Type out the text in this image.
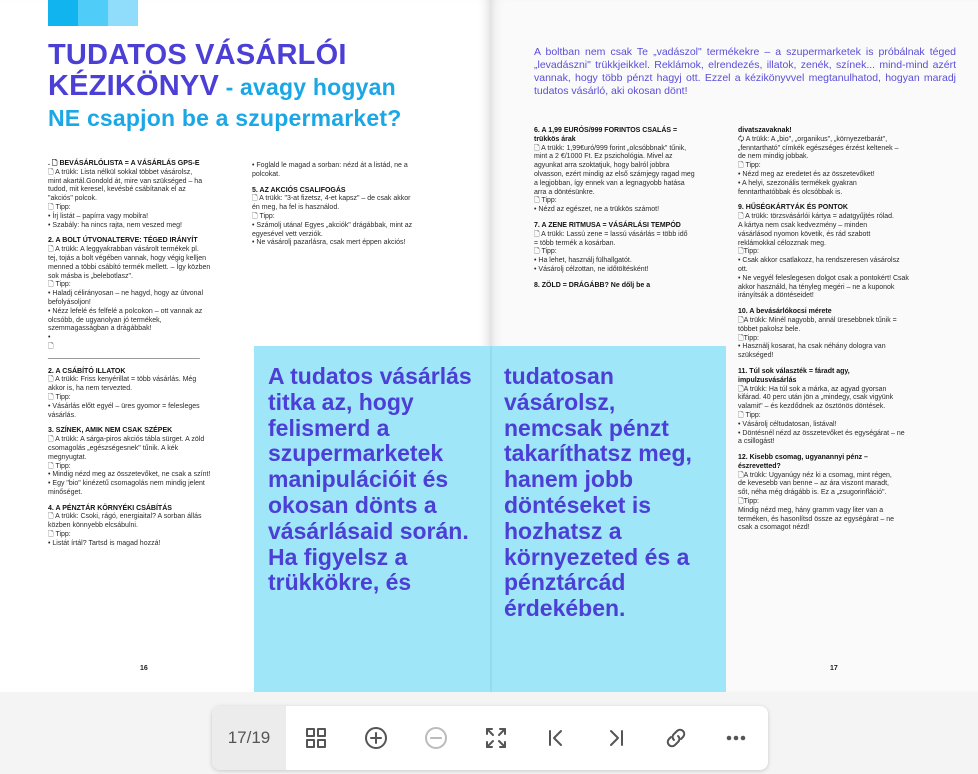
TUDATOS VÁSÁRLÓI
KÉZIKÖNYV - avagy hogyan
NE csapjon be a szupermarket?
. 🗋 BEVÁSÁRLÓLISTA = A VÁSÁRLÁS GPS-E
🗋 A trükk: Lista nélkül sokkal többet vásárolsz,
mint akartál.Gondold át, mire van szükséged – ha
tudod, mit keresel, kevésbé csábítanak el az
"akciós" polcok.
🗋 Tipp:
• Írj listát – papírra vagy mobilra!
• Szabály: ha nincs rajta, nem veszed meg!
2. A BOLT ÚTVONALTERVE: TÉGED IRÁNYÍT
🗋 A trükk: A leggyakrabban vásárolt termékek pl.
tej, tojás a bolt végében vannak, hogy végig kelljen
menned a többi csábító termék mellett. – Így közben
sok másba is „belebotlasz".
🗋 Tipp:
• Haladj célirányosan – ne hagyd, hogy az útvonal
befolyásoljon!
• Nézz lefelé és felfelé a polcokon – ott vannak az
olcsóbb, de ugyanolyan jó termékek,
szemmagasságban a drágábbak!
•
🗋
_______________________________________
2. A CSÁBÍTÓ ILLATOK
🗋 A trükk: Friss kenyérillat = több vásárlás. Még
akkor is, ha nem tervezted.
🗋 Tipp:
• Vásárlás előtt egyél – üres gyomor = felesleges
vásárlás.
3. SZÍNEK, AMIK NEM CSAK SZÉPEK
🗋 A trükk: A sárga-piros akciós tábla sürget. A zöld
csomagolás „egészségesnek" tűnik. A kék
megnyugtat.
🗋 Tipp:
• Mindig nézd meg az összetevőket, ne csak a színt!
• Egy "bio" kinézetű csomagolás nem mindig jelent
minőséget.
4. A PÉNZTÁR KÖRNYÉKI CSÁBÍTÁS
🗋 A trükk: Csoki, rágó, energiaital? A sorban állás
közben könnyebb elcsábulni.
🗋 Tipp:
• Listát írtál? Tartsd is magad hozzá!
• Foglald le magad a sorban: nézd át a listád, ne a
polcokat.
5. AZ AKCIÓS CSALIFOGÁS
🗋 A trükk: "3-at fizetsz, 4-et kapsz" – de csak akkor
én meg, ha fel is használod.
🗋 Tipp:
• Számolj utána! Egyes „akciók" drágábbak, mint az
egyesével vett verziók.
• Ne vásárolj pazarlásra, csak mert éppen akciós!
16	17
A boltban nem csak Te „vadászol" termékekre – a szupermarketek is próbálnak téged „levadászni" trükkjeikkel. Reklámok, elrendezés, illatok, zenék, színek... mind-mind azért vannak, hogy több pénzt hagyj ott. Ezzel a kézikönyvvel megtanulhatod, hogyan maradj tudatos vásárló, aki okosan dönt!
6. A 1,99 EURÓS/999 FORINTOS CSALÁS =
trükkös árak
🗋 A trükk: 1,99€uró/999 forint „olcsóbbnak" tűnik,
mint a 2 €/1000 Ft. Ez pszichológia. Mivel az
agyunkat arra szoktatjuk, hogy balról jobbra
olvasson, ezért mindig az első számjegy ragad meg
a legjobban, így ennek van a legnagyobb hatása
arra a döntésünkre.
🗋 Tipp:
• Nézd az egészet, ne a trükkös számot!
7. A ZENE RITMUSA = VÁSÁRLÁSI TEMPÓD
🗋 A trükk: Lassú zene = lassú vásárlás = több idő
= több termék a kosárban.
🗋 Tipp:
• Ha lehet, használj fülhallgatót.
• Vásárolj célzottan, ne időtöltésként!
8. ZÖLD = DRÁGÁBB? Ne dőlj be a
divatszavaknak!
🗘 A trükk: A „bio", „organikus", „környezetbarát",
„fenntartható" címkék egészséges érzést keltenek –
de nem mindig jobbak.
🗋 Tipp:
• Nézd meg az eredetet és az összetevőket!
• A helyi, szezonális termékek gyakran
fenntarthatóbbak és olcsóbbak is.
9. HŰSÉGKÁRTYÁK ÉS PONTOK
🗋 A trükk: törzsvásárlói kártya = adatgyűjtés rólad.
A kártya nem csak kedvezmény – minden
vásárlásod nyomon követik, és rád szabott
reklámokkal célozznak meg.
🗋Tipp:
• Csak akkor csatlakozz, ha rendszeresen vásárolsz
ott.
• Ne vegyél feleslegesen dolgot csak a pontokért! Csak
akkor használd, ha tényleg megéri – ne a kuponok
irányítsák a döntéseidet!
10. A bevásárlókocsi mérete
🗋A trükk: Minél nagyobb, annál üresebbnek tűnik =
többet pakolsz bele.
🗋Tipp:
• Használj kosarat, ha csak néhány dologra van
szükséged!
11. Túl sok választék = fáradt agy,
impulzusvásárlás
🗋A trükk: Ha túl sok a márka, az agyad gyorsan
kifárad. 40 perc után jön a „mindegy, csak vigyünk
valamit" – és kezdődnek az ösztönös döntések.
🗋 Tipp:
• Vásárolj céltudatosan, listával!
• Döntésnél nézd az összetevőket és egységárat – ne
a csillogást!
12. Kisebb csomag, ugyanannyi pénz –
észrevetted?
🗋A trükk: Ugyanúgy néz ki a csomag, mint régen,
de kevesebb van benne – az ára viszont maradt,
sőt, néha még drágább is. Ez a „zsugorinfláció".
🗋Tipp:
Mindig nézd meg, hány gramm vagy liter van a
terméken, és hasonlítsd össze az egységárat – ne
csak a csomagot nézd!
A tudatos vásárlás titka az, hogy felismerd a szupermarketek manipulációit és okosan dönts a vásárlásaid során. Ha figyelsz a trükkökre, és
tudatosan vásárolsz, nemcsak pénzt takaríthatsz meg, hanem jobb döntéseket is hozhatsz a környezeted és a pénztárcád érdekében.
17/19
